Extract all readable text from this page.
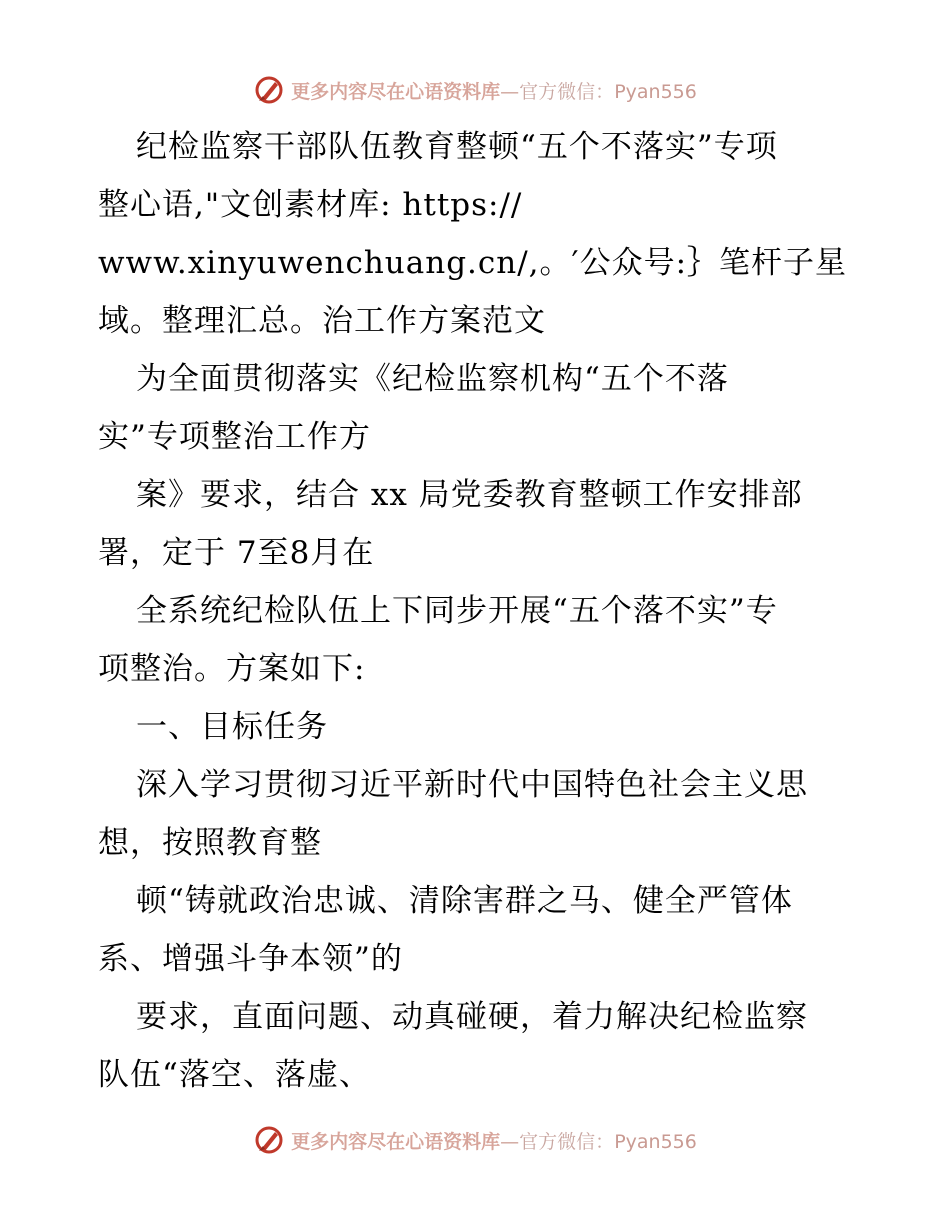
更多内容尽在心语资料库—官方微信：Pyan556
纪检监察干部队伍教育整顿“五个不落实”专项
整心语,"文创素材库: https://
www.xinyuwenchuang.cn/,。′公众号:｝笔杆子星
域。整理汇总。治工作方案范文
为全面贯彻落实《纪检监察机构“五个不落
实”专项整治工作方
案》要求，结合 xx 局党委教育整顿工作安排部
署，定于 7至8月在
全系统纪检队伍上下同步开展“五个落不实”专
项整治。方案如下:
一、目标任务
深入学习贯彻习近平新时代中国特色社会主义思
想，按照教育整
顿“铸就政治忠诚、清除害群之马、健全严管体
系、增强斗争本领”的
要求，直面问题、动真碰硬，着力解决纪检监察
队伍“落空、落虚、
更多内容尽在心语资料库—官方微信：Pyan556
